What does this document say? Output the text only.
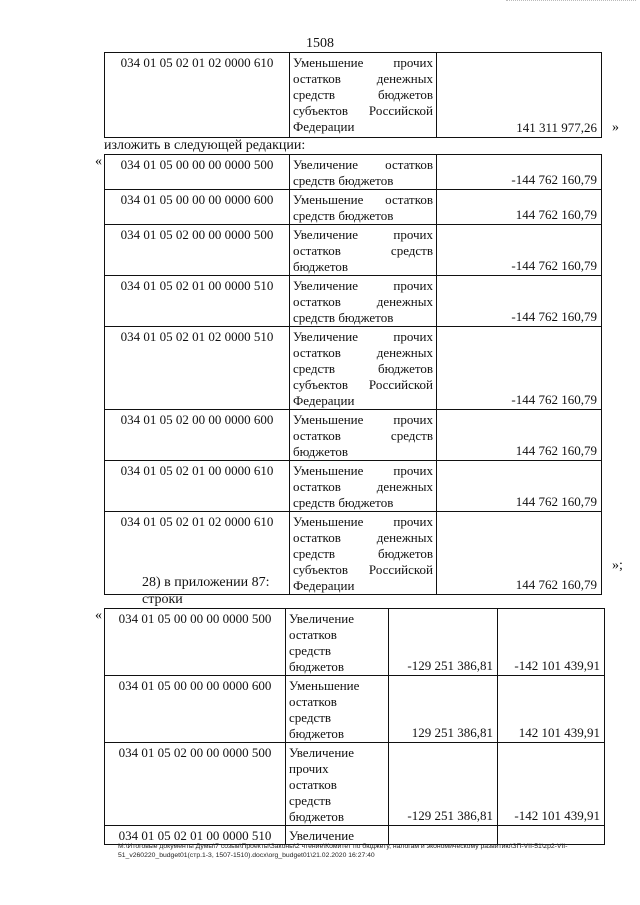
1508
034 01 05 02 01 02 0000 610	Уменьшение прочих
остатков денежных
средств бюджетов
субъектов Российской
Федерации	141 311 977,26 »
изложить в следующей редакции:
« 034 01 05 00 00 00 0000 500	Увеличение остатков
средств бюджетов	-144 762 160,79
034 01 05 00 00 00 0000 600	Уменьшение остатков
средств бюджетов	144 762 160,79
034 01 05 02 00 00 0000 500	Увеличение прочих
остатков средств
бюджетов	-144 762 160,79
034 01 05 02 01 00 0000 510	Увеличение прочих
остатков денежных
средств бюджетов	-144 762 160,79
034 01 05 02 01 02 0000 510	Увеличение прочих
остатков денежных
средств бюджетов
субъектов Российской
Федерации	-144 762 160,79
034 01 05 02 00 00 0000 600	Уменьшение прочих
остатков средств
бюджетов	144 762 160,79
034 01 05 02 01 00 0000 610	Уменьшение прочих
остатков денежных
средств бюджетов	144 762 160,79
034 01 05 02 01 02 0000 610	Уменьшение прочих
остатков денежных
средств бюджетов
субъектов Российской
Федерации	144 762 160,79
»;
28) в приложении 87:
строки
« 034 01 05 00 00 00 0000 500	Увеличение
остатков
средств
бюджетов	-129 251 386,81	-142 101 439,91
034 01 05 00 00 00 0000 600	Уменьшение
остатков
средств
бюджетов	129 251 386,81	142 101 439,91
034 01 05 02 00 00 0000 500	Увеличение
прочих
остатков
средств
бюджетов	-129 251 386,81	-142 101 439,91
034 01 05 02 01 00 0000 510	Увеличение		

М:\Итоговые документы Думы\7 созыв\Проекты\Законы\2 чтение\Комитет по бюджету, налогам и экономическому развитию\ЗП-VII-51\zp2-VII-51_v260220_budget01(стр.1-3, 1507-1510).docx\org_budget01\21.02.2020 16:27:40
